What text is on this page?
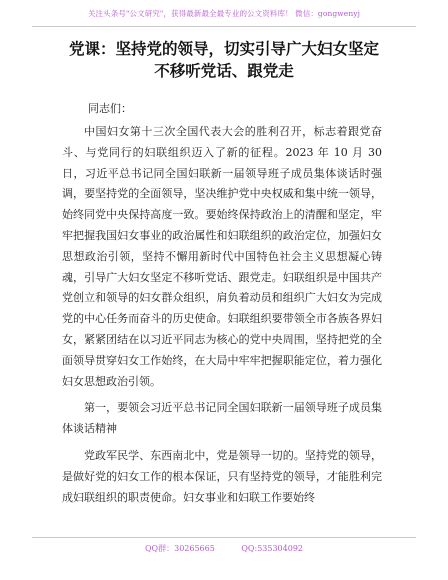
关注头条号"公文研究"，获得最新最全最专业的公文资料库！ 微信：gongwenyj
党课：坚持党的领导，切实引导广大妇女坚定
不移听党话、跟党走
同志们：

中国妇女第十三次全国代表大会的胜利召开，标志着跟党奋斗、与党同行的妇联组织迈入了新的征程。2023 年 10 月 30 日，习近平总书记同全国妇联新一届领导班子成员集体谈话时强调，要坚持党的全面领导，坚决维护党中央权威和集中统一领导，始终同党中央保持高度一致。要始终保持政治上的清醒和坚定，牢牢把握我国妇女事业的政治属性和妇联组织的政治定位，加强妇女思想政治引领，坚持不懈用新时代中国特色社会主义思想凝心铸魂，引导广大妇女坚定不移听党话、跟党走。妇联组织是中国共产党创立和领导的妇女群众组织，肩负着动员和组织广大妇女为完成党的中心任务而奋斗的历史使命。妇联组织要带领全市各族各界妇女，紧紧团结在以习近平同志为核心的党中央周围，坚持把党的全面领导贯穿妇女工作始终，在大局中牢牢把握职能定位，着力强化妇女思想政治引领。

第一，要领会习近平总书记同全国妇联新一届领导班子成员集体谈话精神

党政军民学、东西南北中，党是领导一切的。坚持党的领导，是做好党的妇女工作的根本保证，只有坚持党的领导，才能胜利完成妇联组织的职责使命。妇女事业和妇联工作要始终

QQ群：30265665	QQ:535304092
